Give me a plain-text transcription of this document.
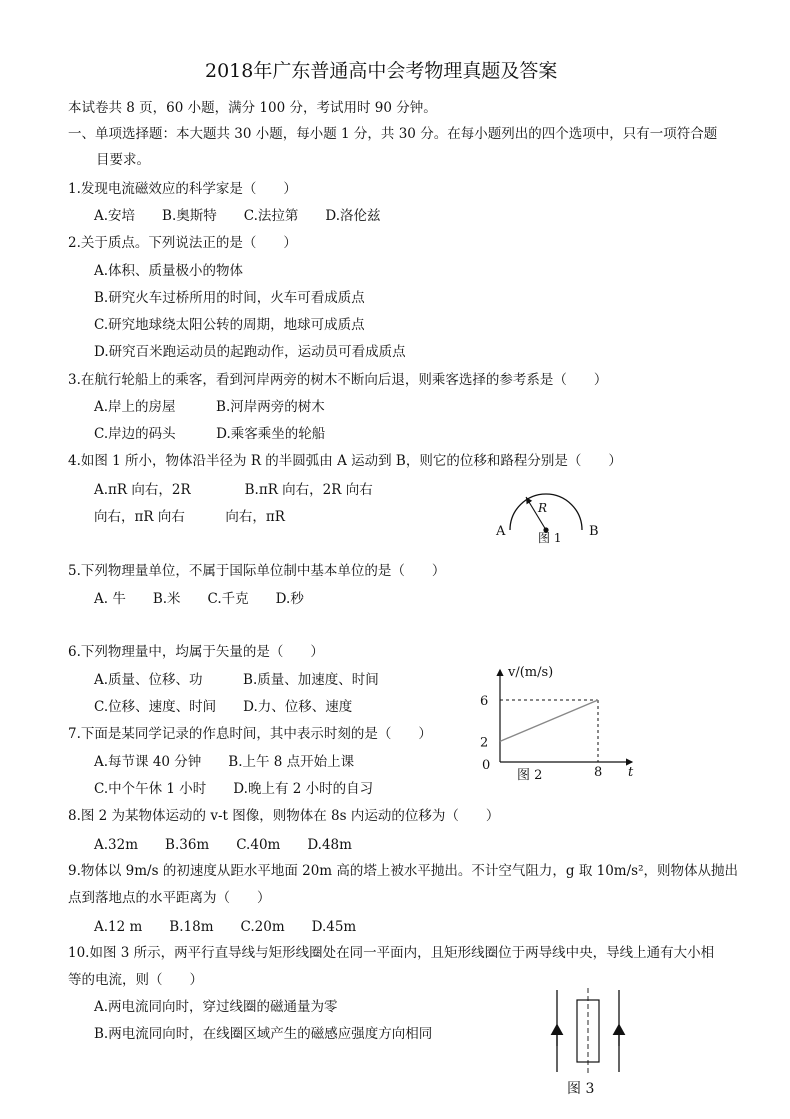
2018年广东普通高中会考物理真题及答案
本试卷共 8 页，60 小题，满分 100 分，考试用时 90 分钟。
一、单项选择题：本大题共 30 小题，每小题 1 分，共 30 分。在每小题列出的四个选项中，只有一项符合题
目要求。
1.发现电流磁效应的科学家是（　　）
A.安培　　B.奥斯特　　C.法拉第　　D.洛伦兹
2.关于质点。下列说法正的是（　　）
A.体积、质量极小的物体
B.研究火车过桥所用的时间，火车可看成质点
C.研究地球绕太阳公转的周期，地球可成质点
D.研究百米跑运动员的起跑动作，运动员可看成质点
3.在航行轮船上的乘客，看到河岸两旁的树木不断向后退，则乘客选择的参考系是（　　）
A.岸上的房屋　　　B.河岸两旁的树木
C.岸边的码头　　　D.乘客乘坐的轮船
4.如图 1 所小，物体沿半径为 R 的半圆弧由 A 运动到 B，则它的位移和路程分别是（　　）
A.πR 向右，2R　　　　B.πR 向右，2R 向右
向右，πR 向右　　　向右，πR
A	B
R
图 1
5.下列物理量单位，不属于国际单位制中基本单位的是（　　）
A. 牛　　B.米　　C.千克　　D.秒
6.下列物理量中，均属于矢量的是（　　）
A.质量、位移、功　　　B.质量、加速度、时间
C.位移、速度、时间　　D.力、位移、速度
7.下面是某同学记录的作息时间，其中表示时刻的是（　　）
A.每节课 40 分钟　　B.上午 8 点开始上课
C.中个午休 1 小时　　D.晚上有 2 小时的自习
v/(m/s)
t
0
6
2
8
图 2
8.图 2 为某物体运动的 v-t 图像，则物体在 8s 内运动的位移为（　　）
A.32m　　B.36m　　C.40m　　D.48m
9.物体以 9m/s 的初速度从距水平地面 20m 高的塔上被水平抛出。不计空气阻力，g 取 10m/s²，则物体从抛出
点到落地点的水平距离为（　　）
A.12 m　　B.18m　　C.20m　　D.45m
10.如图 3 所示，两平行直导线与矩形线圈处在同一平面内，且矩形线圈位于两导线中央，导线上通有大小相
等的电流，则（　　）
A.两电流同向时，穿过线圈的磁通量为零
B.两电流同向时，在线圈区域产生的磁感应强度方向相同
图 3
